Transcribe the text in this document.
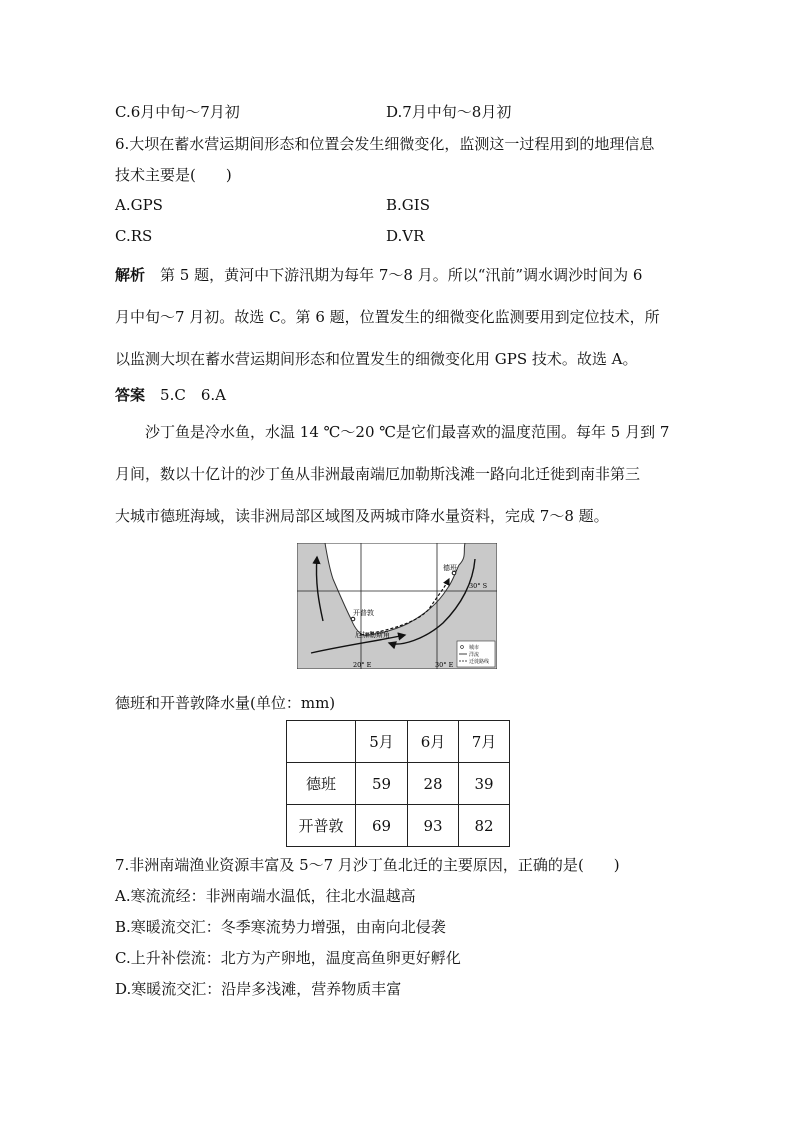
C.6月中旬～7月初	D.7月中旬～8月初
6.大坝在蓄水营运期间形态和位置会发生细微变化，监测这一过程用到的地理信息
技术主要是(　　)
A.GPS	B.GIS
C.RS	D.VR
解析　 第 5 题，黄河中下游汛期为每年 7～8 月。所以“汛前”调水调沙时间为 6
月中旬～7 月初。故选 C。第 6 题，位置发生的细微变化监测要用到定位技术，所
以监测大坝在蓄水营运期间形态和位置发生的细微变化用 GPS 技术。故选 A。
答案　 5.C　6.A
沙丁鱼是冷水鱼，水温 14 ℃～20 ℃是它们最喜欢的温度范围。每年 5 月到 7
月间，数以十亿计的沙丁鱼从非洲最南端厄加勒斯浅滩一路向北迁徙到南非第三
大城市德班海域，读非洲局部区域图及两城市降水量资料，完成 7～8 题。
德班
开普敦
厄加勒斯角
30° S
20° E	30° E
城市
洋流
迁徙路线
德班和开普敦降水量(单位：mm)
	5月	6月	7月
德班	59	28	39
开普敦	69	93	82
7.非洲南端渔业资源丰富及 5～7 月沙丁鱼北迁的主要原因，正确的是(　　)
A.寒流流经：非洲南端水温低，往北水温越高
B.寒暖流交汇：冬季寒流势力增强，由南向北侵袭
C.上升补偿流：北方为产卵地，温度高鱼卵更好孵化
D.寒暖流交汇：沿岸多浅滩，营养物质丰富
